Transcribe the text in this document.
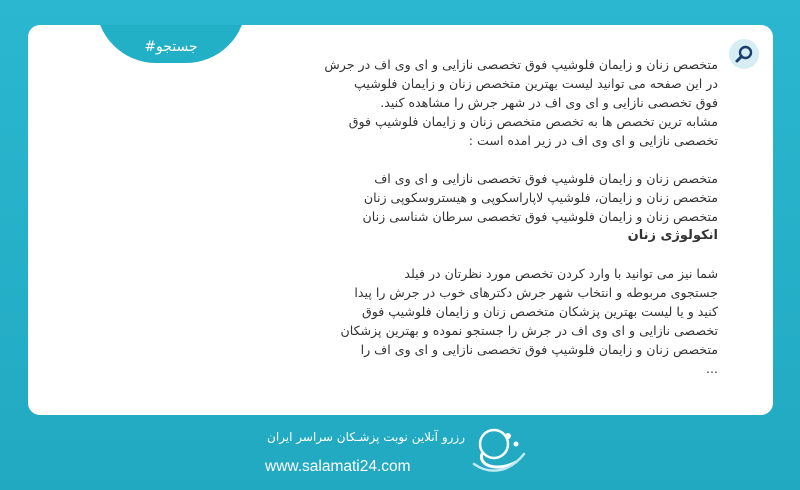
#جستجو

متخصص زنان و زایمان فلوشیپ فوق تخصصی نازایی و ای وی اف در جرش

در این صفحه می توانید لیست بهترین متخصص زنان و زایمان فلوشیپ

فوق تخصصی نازایی و ای وی اف در شهر جرش را مشاهده کنید.

مشابه ترین تخصص ها به تخصص متخصص زنان و زایمان فلوشیپ فوق

تخصصی نازایی و ای وی اف در زیر امده است :

متخصص زنان و زایمان فلوشیپ فوق تخصصی نازایی و ای وی اف

متخصص زنان و زایمان، فلوشیپ لاپاراسکوپی و هیستروسکوپی زنان

متخصص زنان و زایمان فلوشیپ فوق تخصصی سرطان شناسی زنان

انکولوژی زنان

شما نیز می توانید با وارد کردن تخصص مورد نظرتان در فیلد

جستجوی مربوطه و انتخاب شهر جرش دکترهای خوب در جرش را پیدا

کنید و یا لیست بهترین پزشکان متخصص زنان و زایمان فلوشیپ فوق

تخصصی نازایی و ای وی اف در جرش را جستجو نموده و بهترین پزشکان

متخصص زنان و زایمان فلوشیپ فوق تخصصی نازایی و ای وی اف را

...

رزرو آنلاین نوبت پزشـکان سراسر ایران
www.salamati24.com
